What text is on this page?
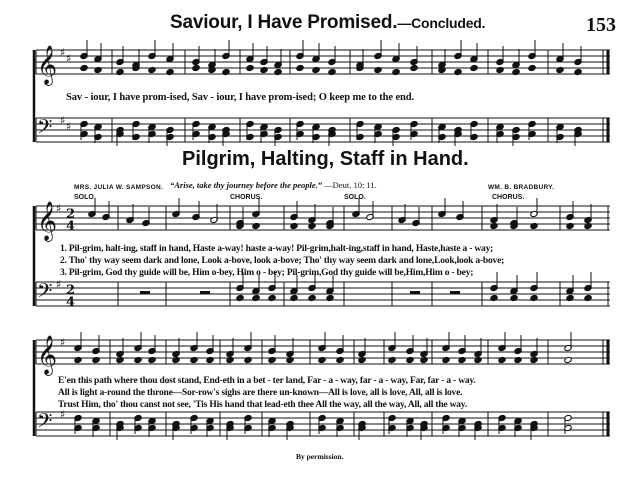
Saviour, I Have Promised.—Concluded.	153
Sav - iour, I have prom-ised, Sav - iour, I have prom-ised; O keep me to the end.
Pilgrim, Halting, Staff in Hand.
MRS. JULIA W. SAMPSON. “Arise, take thy journey before the people.” —Deut. 10: 11.	WM. B. BRADBURY.
SOLO.	CHORUS.	SOLO.	CHORUS.
1. Pil-grim, halt-ing, staff in hand, Haste a-way! haste a-way! Pil-grim,halt-ing,staff in hand, Haste,haste a - way;
2. Tho' thy way seem dark and lone, Look a-bove, look a-bove; Tho' thy way seem dark and lone,Look,look a-bove;
3. Pil-grim, God thy guide will be, Him o-bey, Him o - bey; Pil-grim,God thy guide will be,Him,Him o - bey;
E'en this path where thou dost stand, End-eth in a bet - ter land, Far - a - way, far - a - way, Far, far - a - way.
All is light a-round the throne—Sor-row's sighs are there un-known—All is love, all is love, All, all is love.
Trust Him, tho' thou canst not see, 'Tis His hand that lead-eth thee All the way, all the way, All, all the way.
By permission.
𝄞 ♯ ♯
𝄢 ♯ ♯
𝄞
♯ 2
4
𝄢 ♯ 2
4
𝄞 ♯
𝄢 ♯
